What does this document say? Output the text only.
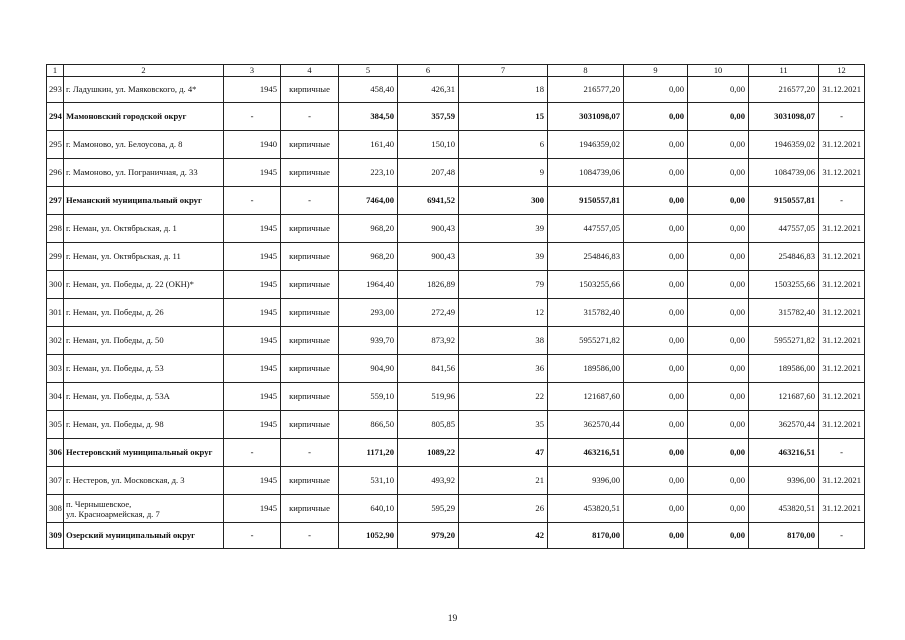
1	2	3	4	5	6	7	8	9	10	11	12
293	г. Ладушкин, ул. Маяковского, д. 4*	1945	кирпичные	458,40	426,31	18	216577,20	0,00	0,00	216577,20	31.12.2021
294	Мамоновский городской округ	-	-	384,50	357,59	15	3031098,07	0,00	0,00	3031098,07	-
295	г. Мамоново, ул. Белоусова, д. 8	1940	кирпичные	161,40	150,10	6	1946359,02	0,00	0,00	1946359,02	31.12.2021
296	г. Мамоново, ул. Пограничная, д. 33	1945	кирпичные	223,10	207,48	9	1084739,06	0,00	0,00	1084739,06	31.12.2021
297	Неманский муниципальный округ	-	-	7464,00	6941,52	300	9150557,81	0,00	0,00	9150557,81	-
298	г. Неман, ул. Октябрьская, д. 1	1945	кирпичные	968,20	900,43	39	447557,05	0,00	0,00	447557,05	31.12.2021
299	г. Неман, ул. Октябрьская, д. 11	1945	кирпичные	968,20	900,43	39	254846,83	0,00	0,00	254846,83	31.12.2021
300	г. Неман, ул. Победы, д. 22 (ОКН)*	1945	кирпичные	1964,40	1826,89	79	1503255,66	0,00	0,00	1503255,66	31.12.2021
301	г. Неман, ул. Победы, д. 26	1945	кирпичные	293,00	272,49	12	315782,40	0,00	0,00	315782,40	31.12.2021
302	г. Неман, ул. Победы, д. 50	1945	кирпичные	939,70	873,92	38	5955271,82	0,00	0,00	5955271,82	31.12.2021
303	г. Неман, ул. Победы, д. 53	1945	кирпичные	904,90	841,56	36	189586,00	0,00	0,00	189586,00	31.12.2021
304	г. Неман, ул. Победы, д. 53А	1945	кирпичные	559,10	519,96	22	121687,60	0,00	0,00	121687,60	31.12.2021
305	г. Неман, ул. Победы, д. 98	1945	кирпичные	866,50	805,85	35	362570,44	0,00	0,00	362570,44	31.12.2021
306	Нестеровский муниципальный округ	-	-	1171,20	1089,22	47	463216,51	0,00	0,00	463216,51	-
307	г. Нестеров, ул. Московская, д. 3	1945	кирпичные	531,10	493,92	21	9396,00	0,00	0,00	9396,00	31.12.2021
308	п. Чернышевское,
ул. Красноармейская, д. 7	1945	кирпичные	640,10	595,29	26	453820,51	0,00	0,00	453820,51	31.12.2021
309	Озерский муниципальный округ	-	-	1052,90	979,20	42	8170,00	0,00	0,00	8170,00	-
19
